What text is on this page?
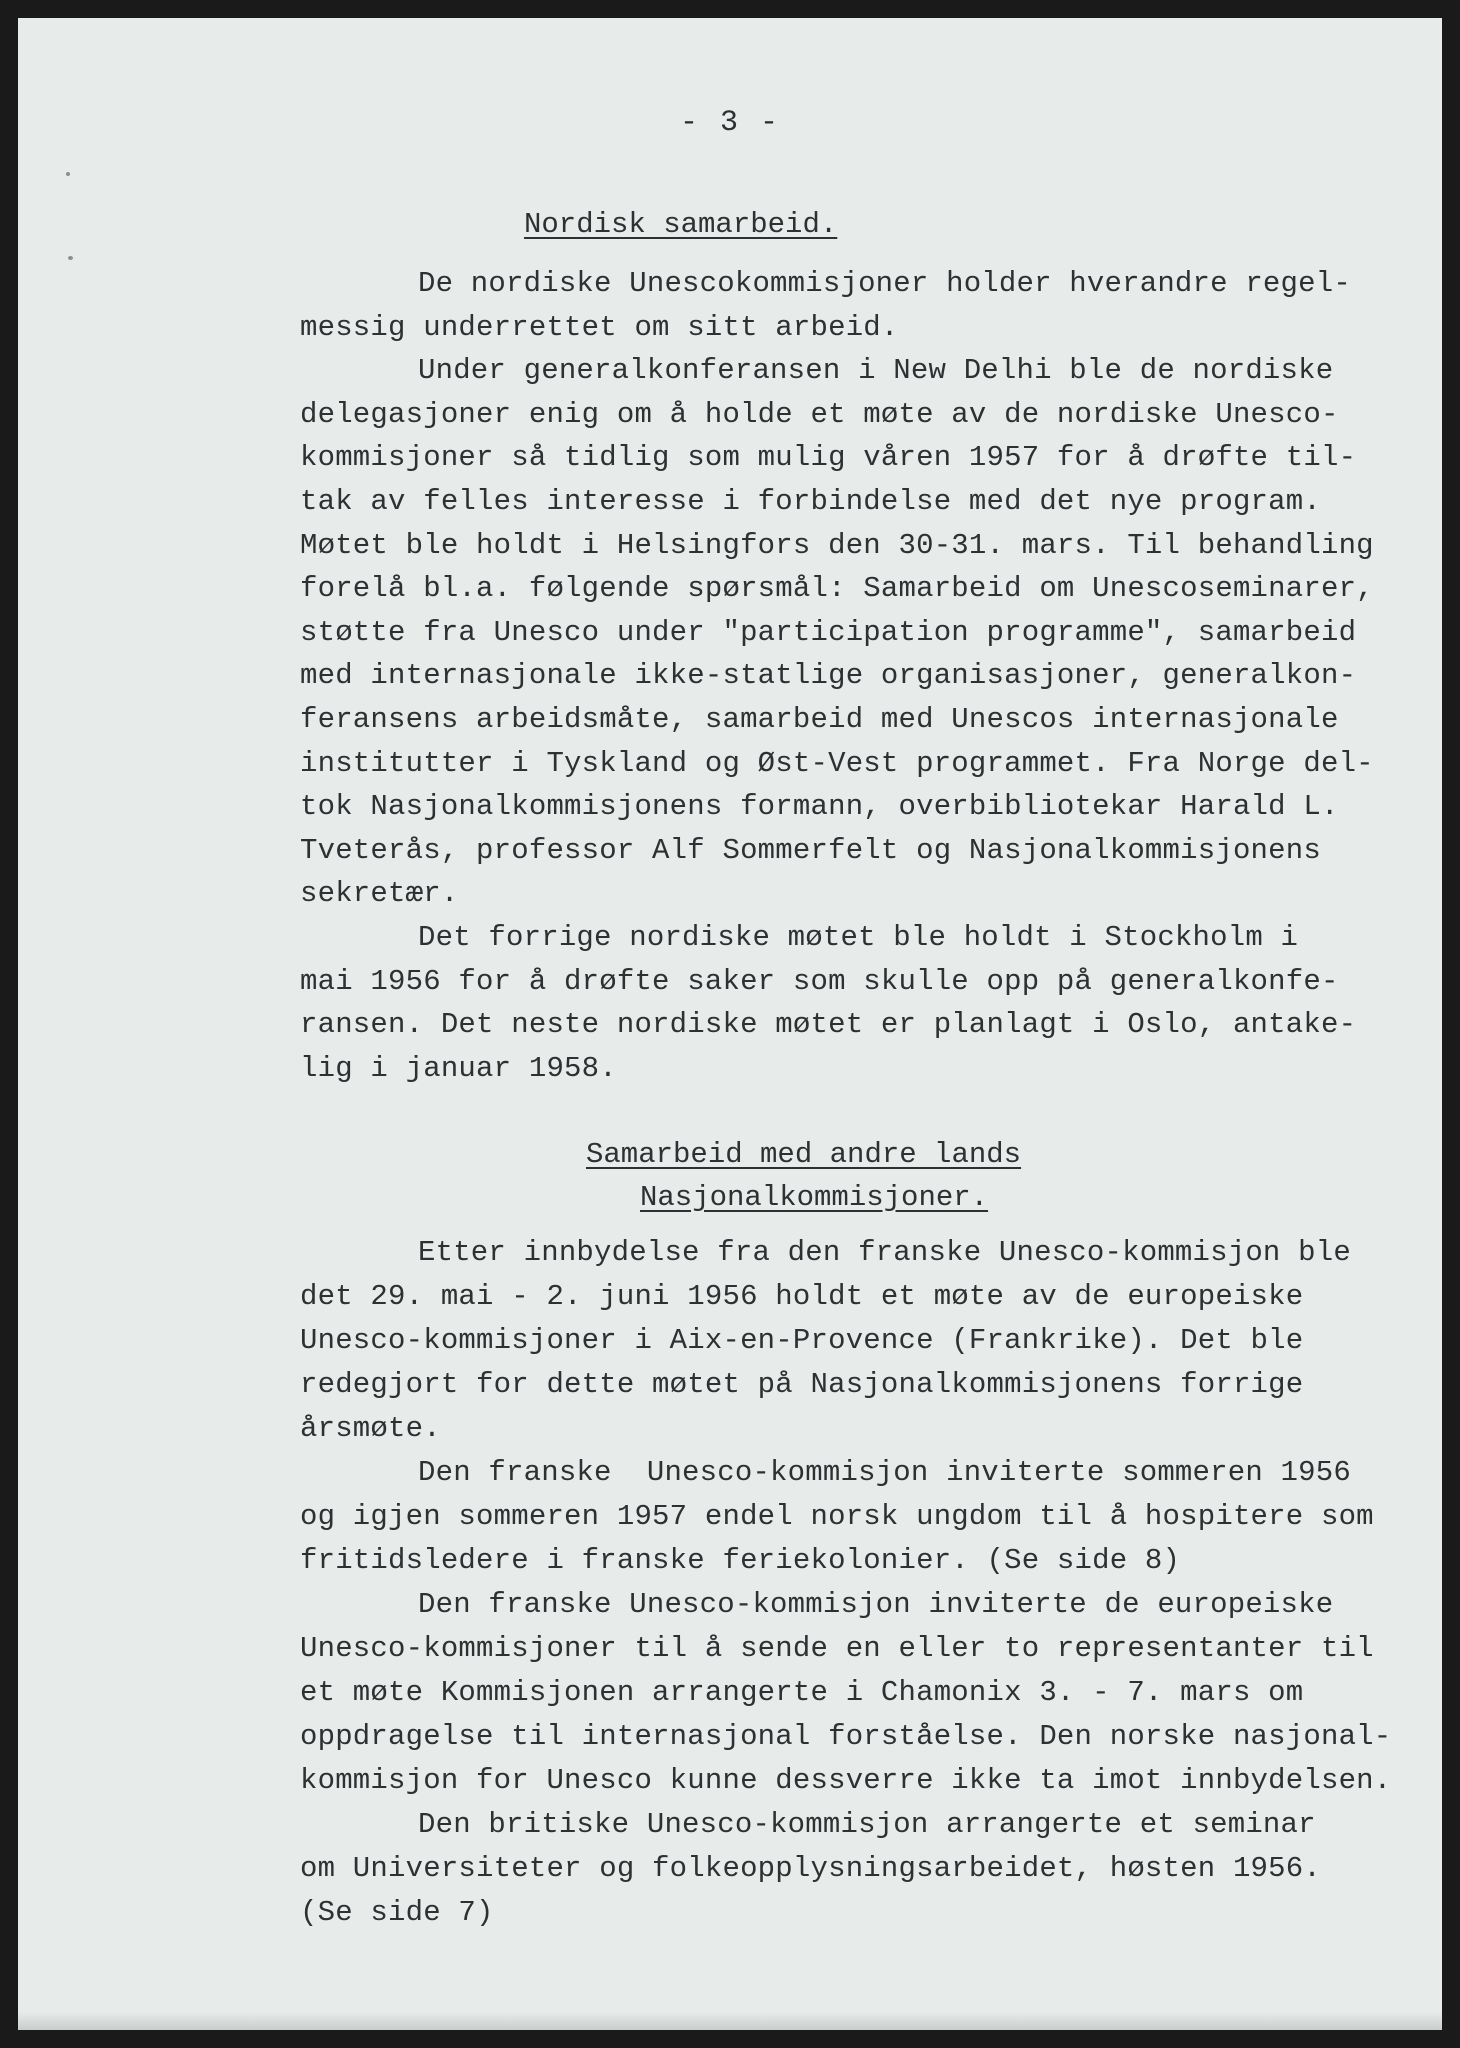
- 3 -
Nordisk samarbeid.
De nordiske Unescokommisjoner holder hverandre regel-
messig underrettet om sitt arbeid.
Under generalkonferansen i New Delhi ble de nordiske
delegasjoner enig om å holde et møte av de nordiske Unesco-
kommisjoner så tidlig som mulig våren 1957 for å drøfte til-
tak av felles interesse i forbindelse med det nye program.
Møtet ble holdt i Helsingfors den 30-31. mars. Til behandling
forelå bl.a. følgende spørsmål: Samarbeid om Unescoseminarer,
støtte fra Unesco under "participation programme", samarbeid
med internasjonale ikke-statlige organisasjoner, generalkon-
feransens arbeidsmåte, samarbeid med Unescos internasjonale
institutter i Tyskland og Øst-Vest programmet. Fra Norge del-
tok Nasjonalkommisjonens formann, overbibliotekar Harald L.
Tveterås, professor Alf Sommerfelt og Nasjonalkommisjonens
sekretær.
Det forrige nordiske møtet ble holdt i Stockholm i
mai 1956 for å drøfte saker som skulle opp på generalkonfe-
ransen. Det neste nordiske møtet er planlagt i Oslo, antake-
lig i januar 1958.
Samarbeid med andre lands
Nasjonalkommisjoner.
Etter innbydelse fra den franske Unesco-kommisjon ble
det 29. mai - 2. juni 1956 holdt et møte av de europeiske
Unesco-kommisjoner i Aix-en-Provence (Frankrike). Det ble
redegjort for dette møtet på Nasjonalkommisjonens forrige
årsmøte.
Den franske  Unesco-kommisjon inviterte sommeren 1956
og igjen sommeren 1957 endel norsk ungdom til å hospitere som
fritidsledere i franske feriekolonier. (Se side 8)
Den franske Unesco-kommisjon inviterte de europeiske
Unesco-kommisjoner til å sende en eller to representanter til
et møte Kommisjonen arrangerte i Chamonix 3. - 7. mars om
oppdragelse til internasjonal forståelse. Den norske nasjonal-
kommisjon for Unesco kunne dessverre ikke ta imot innbydelsen.
Den britiske Unesco-kommisjon arrangerte et seminar
om Universiteter og folkeopplysningsarbeidet, høsten 1956.
(Se side 7)
